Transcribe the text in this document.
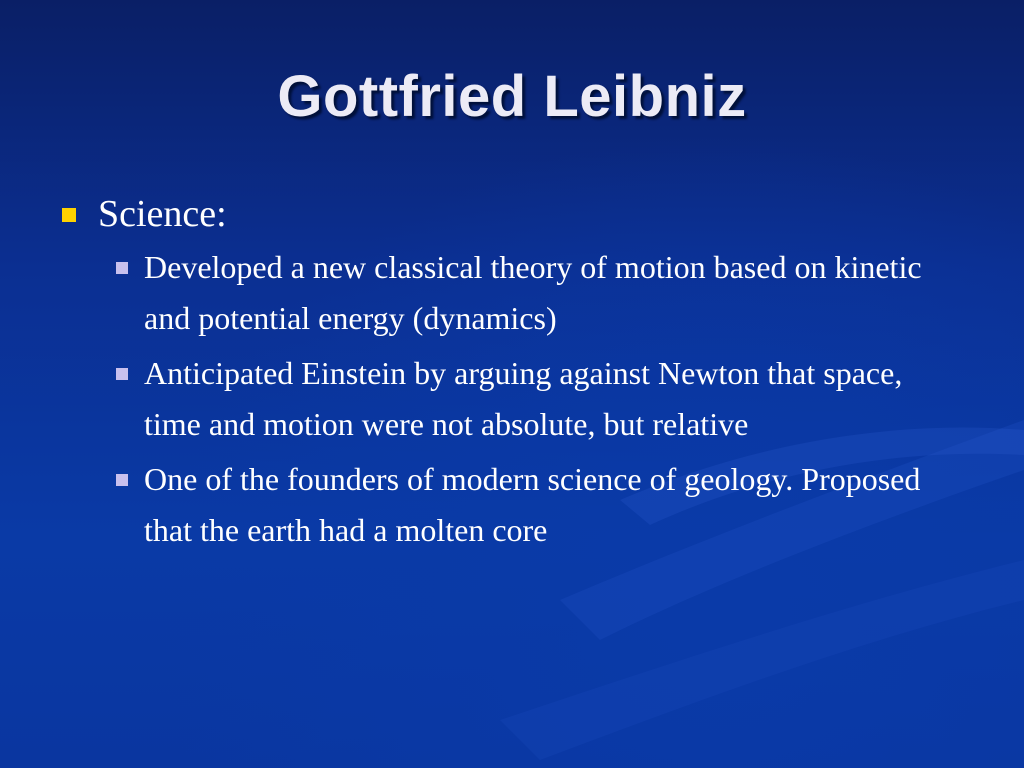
Gottfried Leibniz
Science:
Developed a new classical theory of motion based on kinetic and potential energy (dynamics)
Anticipated Einstein by arguing against Newton that space, time and motion were not absolute, but relative
One of the founders of modern science of geology. Proposed that the earth had a molten core
